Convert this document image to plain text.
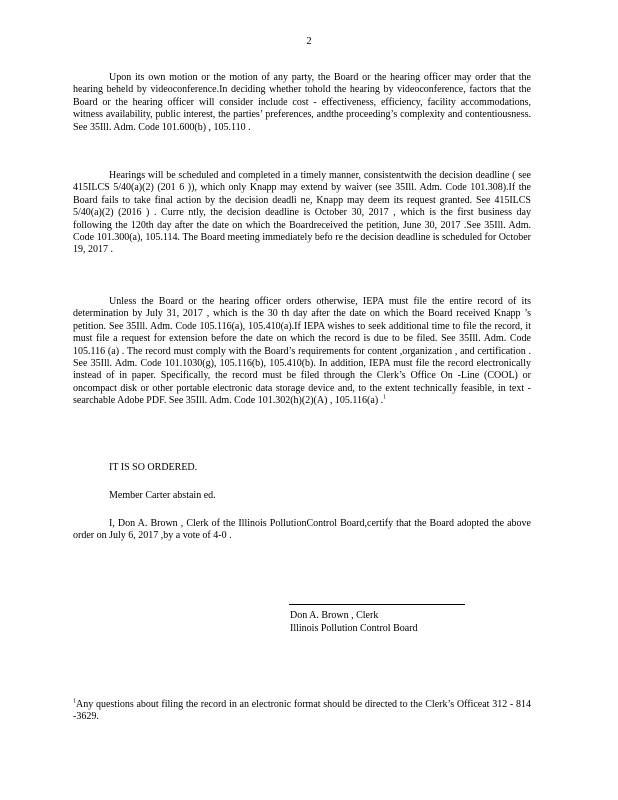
2
Upon its own motion or the motion of any party, the Board or the hearing officer may order that the hearing beheld by videoconference.In deciding whether tohold the hearing by videoconference, factors that the Board or the hearing officer will consider include cost - effectiveness, efficiency, facility accommodations, witness availability, public interest, the parties’ preferences, andthe proceeding’s complexity and contentiousness. See 35Ill. Adm. Code 101.600(b) , 105.110 .
Hearings will be scheduled and completed in a timely manner, consistentwith the decision deadline ( see 415ILCS 5/40(a)(2) (201 6 )), which only Knapp may extend by waiver (see 35Ill. Adm. Code 101.308).If the Board fails to take final action by the decision deadli ne, Knapp may deem its request granted. See 415ILCS 5/40(a)(2) (2016 ) . Curre ntly, the decision deadline is October 30, 2017 , which is the first business day following the 120th day after the date on which the Boardreceived the petition, June 30, 2017 .See 35Ill. Adm. Code 101.300(a), 105.114. The Board meeting immediately befo re the decision deadline is scheduled for October 19, 2017 .
Unless the Board or the hearing officer orders otherwise, IEPA must file the entire record of its determination by July 31, 2017 , which is the 30 th day after the date on which the Board received Knapp ’s petition. See 35Ill. Adm. Code 105.116(a), 105.410(a).If IEPA wishes to seek additional time to file the record, it must file a request for extension before the date on which the record is due to be filed. See 35Ill. Adm. Code 105.116 (a) . The record must comply with the Board’s requirements for content ,organization , and certification . See 35Ill. Adm. Code 101.1030(g), 105.116(b), 105.410(b). In addition, IEPA must file the record electronically instead of in paper. Specifically, the record must be filed through the Clerk’s Office On -Line (COOL) or oncompact disk or other portable electronic data storage device and, to the extent technically feasible, in text -searchable Adobe PDF. See 35Ill. Adm. Code 101.302(h)(2)(A) , 105.116(a) .$^1$
IT IS SO ORDERED.
Member Carter abstain ed.
I, Don A. Brown , Clerk of the Illinois PollutionControl Board,certify that the Board adopted the above order on July 6, 2017 ,by a vote of 4-0 .
Don A. Brown , Clerk
Illinois Pollution Control Board
$^1$Any questions about filing the record in an electronic format should be directed to the Clerk’s Officeat 312 - 814 -3629.
